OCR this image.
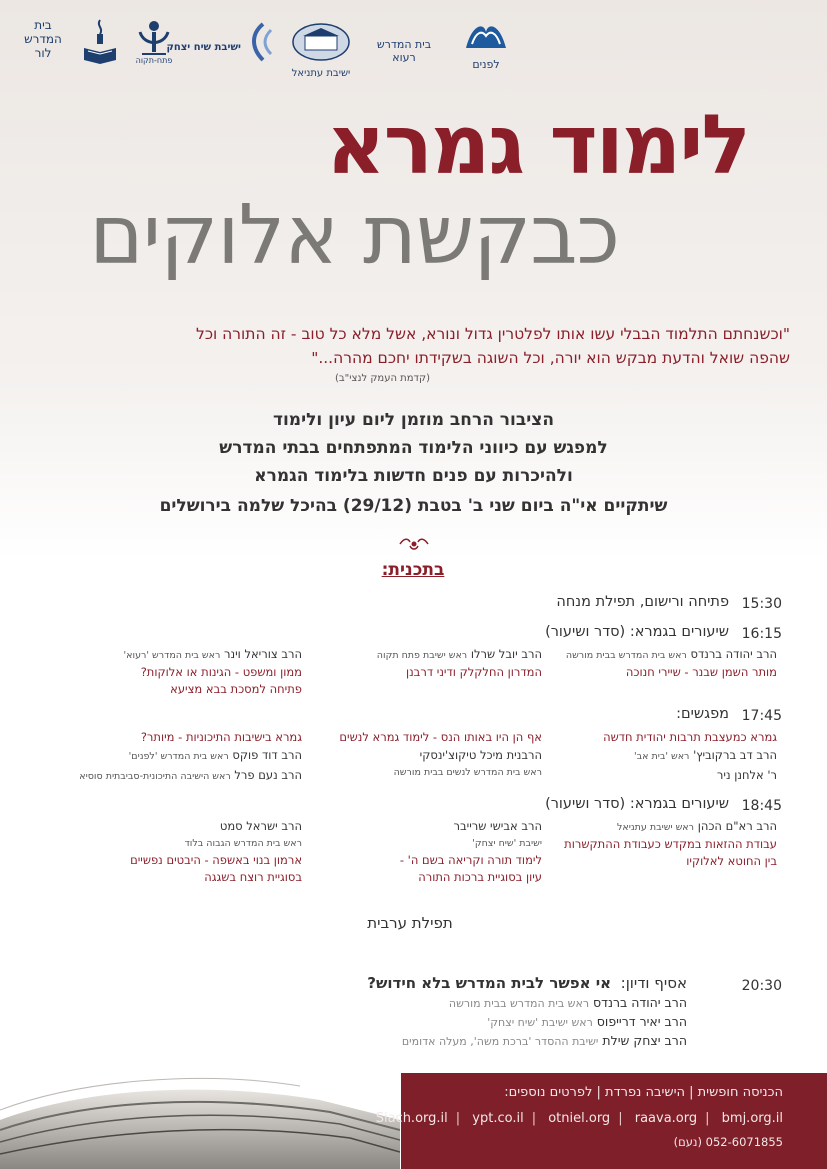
בית
המדרש
לור
פתח-תקוה
ישיבת שיח יצחק
ישיבת עתניאל
בית המדרש רעוא
לפנים
לימוד גמרא
כבקשת אלוקים
"וכשנחתם התלמוד הבבלי עשו אותו לפלטרין גדול ונורא, אשל מלא כל טוב - זה התורה וכל שהפה שואל והדעת מבקש הוא יורה, וכל השוגה בשקידתו יחכם מהרה..."
(קדמת העמק לנצי"ב)
הציבור הרחב מוזמן ליום עיון ולימוד
למפגש עם כיווני הלימוד המתפתחים בבתי המדרש
ולהיכרות עם פנים חדשות בלימוד הגמרא
שיתקיים אי"ה ביום שני ב' בטבת (29/12) בהיכל שלמה בירושלים
בתכנית:
15:30
פתיחה ורישום, תפילת מנחה
16:15
שיעורים בגמרא: (סדר ושיעור)
הרב יהודה ברנדס ראש בית המדרש בבית מורשה
מותר השמן שבנר - שיירי חנוכה
הרב יובל שרלו ראש ישיבת פתח תקוה
המדרון החלקלק ודיני דרבנן
הרב צוריאל וינר ראש בית המדרש 'רעוא'
ממון ומשפט - הגינות או אלוקות?
פתיחה למסכת בבא מציעא
17:45
מפגשים:
גמרא כמעצבת תרבות יהודית חדשה
הרב דב ברקוביץ' ראש 'בית אב'
ר' אלחנן ניר
אף הן היו באותו הנס - לימוד גמרא לנשים
הרבנית מיכל טיקוצ'ינסקי
ראש בית המדרש לנשים בבית מורשה
גמרא בישיבות התיכוניות - מיותר?
הרב דוד פוקס ראש בית המדרש 'לפנים'
הרב נעם פרל ראש הישיבה התיכונית-סביבתית סוסיא
18:45
שיעורים בגמרא: (סדר ושיעור)
הרב רא"ם הכהן ראש ישיבת עתניאל
עבודת ההזאות במקדש כעבודת ההתקשרות
בין החוטא לאלוקיו
הרב אבישי שרייבר
ישיבת 'שיח יצחק'
לימוד תורה וקריאה בשם ה' -
עיון בסוגיית ברכות התורה
הרב ישראל סמט
ראש בית המדרש הגבוה בלוד
ארמון בנוי באשפה - היבטים נפשיים
בסוגיית רוצח בשגגה
תפילת ערבית
20:30
אסיף ודיון:  אי אפשר לבית המדרש בלא חידוש?
הרב יהודה ברנדס ראש בית המדרש בבית מורשה
הרב יאיר דרייפוס ראש ישיבת 'שיח יצחק'
הרב יצחק שילת ישיבת ההסדר 'ברכת משה', מעלה אדומים
הכניסה חופשית | הישיבה נפרדת | לפרטים נוספים:
Siach.org.il | ypt.co.il | otniel.org | raava.org | bmj.org.il
052-6071855 (נעם)
